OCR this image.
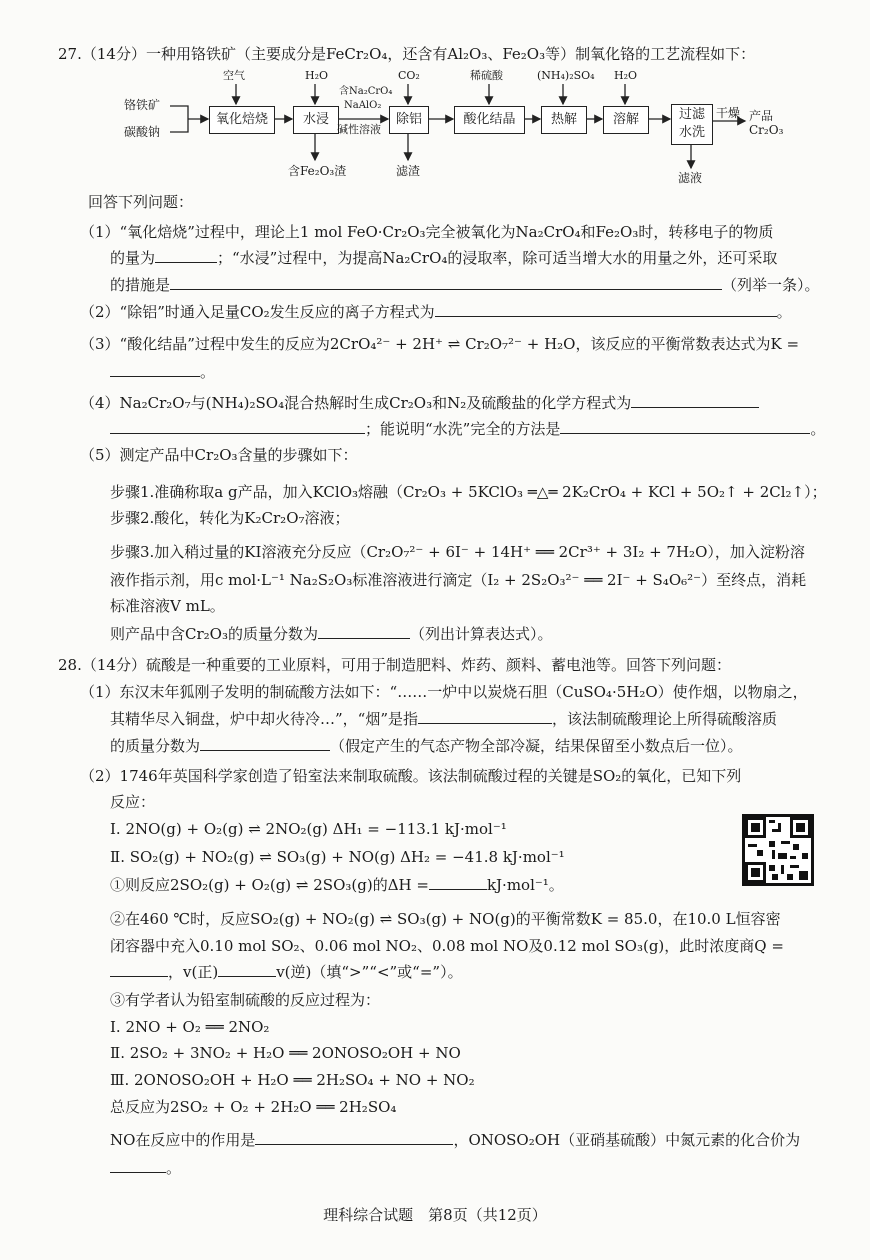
27.（14分）一种用铬铁矿（主要成分是FeCr₂O₄，还含有Al₂O₃、Fe₂O₃等）制氧化铬的工艺流程如下：
铬铁矿
碳酸钠
氧化焙烧	水浸	除铝	酸化结晶	热解	溶解	过滤
水洗
空气	H₂O	CO₂	稀硫酸	(NH₄)₂SO₄ H₂O
含Na₂CrO₄
NaAlO₂
碱性溶液
含Fe₂O₃渣	滤渣	滤液
干燥 产品
Cr₂O₃
回答下列问题：
（1）“氧化焙烧”过程中，理论上1 mol FeO·Cr₂O₃完全被氧化为Na₂CrO₄和Fe₂O₃时，转移电子的物质
的量为	；“水浸”过程中，为提高Na₂CrO₄的浸取率，除可适当增大水的用量之外，还可采取
的措施是	（列举一条）。
（2）“除铝”时通入足量CO₂发生反应的离子方程式为	。
（3）“酸化结晶”过程中发生的反应为2CrO₄²⁻ + 2H⁺ ⇌ Cr₂O₇²⁻ + H₂O，该反应的平衡常数表达式为K =
。
（4）Na₂Cr₂O₇与(NH₄)₂SO₄混合热解时生成Cr₂O₃和N₂及硫酸盐的化学方程式为
；能说明“水洗”完全的方法是	。
（5）测定产品中Cr₂O₃含量的步骤如下：
步骤1.准确称取a g产品，加入KClO₃熔融（Cr₂O₃ + 5KClO₃ ═△═ 2K₂CrO₄ + KCl + 5O₂↑ + 2Cl₂↑）；
步骤2.酸化，转化为K₂Cr₂O₇溶液；
步骤3.加入稍过量的KI溶液充分反应（Cr₂O₇²⁻ + 6I⁻ + 14H⁺ ══ 2Cr³⁺ + 3I₂ + 7H₂O），加入淀粉溶
液作指示剂，用c mol·L⁻¹ Na₂S₂O₃标准溶液进行滴定（I₂ + 2S₂O₃²⁻ ══ 2I⁻ + S₄O₆²⁻）至终点，消耗
标准溶液V mL。
则产品中含Cr₂O₃的质量分数为	（列出计算表达式）。
28.（14分）硫酸是一种重要的工业原料，可用于制造肥料、炸药、颜料、蓄电池等。回答下列问题：
（1）东汉末年狐刚子发明的制硫酸方法如下：“……一炉中以炭烧石胆（CuSO₄·5H₂O）使作烟，以物扇之，
其精华尽入铜盘，炉中却火待冷…”，“烟”是指	，该法制硫酸理论上所得硫酸溶质
的质量分数为	（假定产生的气态产物全部冷凝，结果保留至小数点后一位）。
（2）1746年英国科学家创造了铅室法来制取硫酸。该法制硫酸过程的关键是SO₂的氧化，已知下列
反应：
Ⅰ. 2NO(g) + O₂(g) ⇌ 2NO₂(g) ΔH₁ = −113.1 kJ·mol⁻¹
Ⅱ. SO₂(g) + NO₂(g) ⇌ SO₃(g) + NO(g) ΔH₂ = −41.8 kJ·mol⁻¹
①则反应2SO₂(g) + O₂(g) ⇌ 2SO₃(g)的ΔH =	kJ·mol⁻¹。
②在460 ℃时，反应SO₂(g) + NO₂(g) ⇌ SO₃(g) + NO(g)的平衡常数K = 85.0，在10.0 L恒容密
闭容器中充入0.10 mol SO₂、0.06 mol NO₂、0.08 mol NO及0.12 mol SO₃(g)，此时浓度商Q =
，v(正)	v(逆)（填“>”“<”或“=”）。
③有学者认为铅室制硫酸的反应过程为：
Ⅰ. 2NO + O₂ ══ 2NO₂
Ⅱ. 2SO₂ + 3NO₂ + H₂O ══ 2ONOSO₂OH + NO
Ⅲ. 2ONOSO₂OH + H₂O ══ 2H₂SO₄ + NO + NO₂
总反应为2SO₂ + O₂ + 2H₂O ══ 2H₂SO₄
NO在反应中的作用是	，ONOSO₂OH（亚硝基硫酸）中氮元素的化合价为
。
理科综合试题　第8页（共12页）
